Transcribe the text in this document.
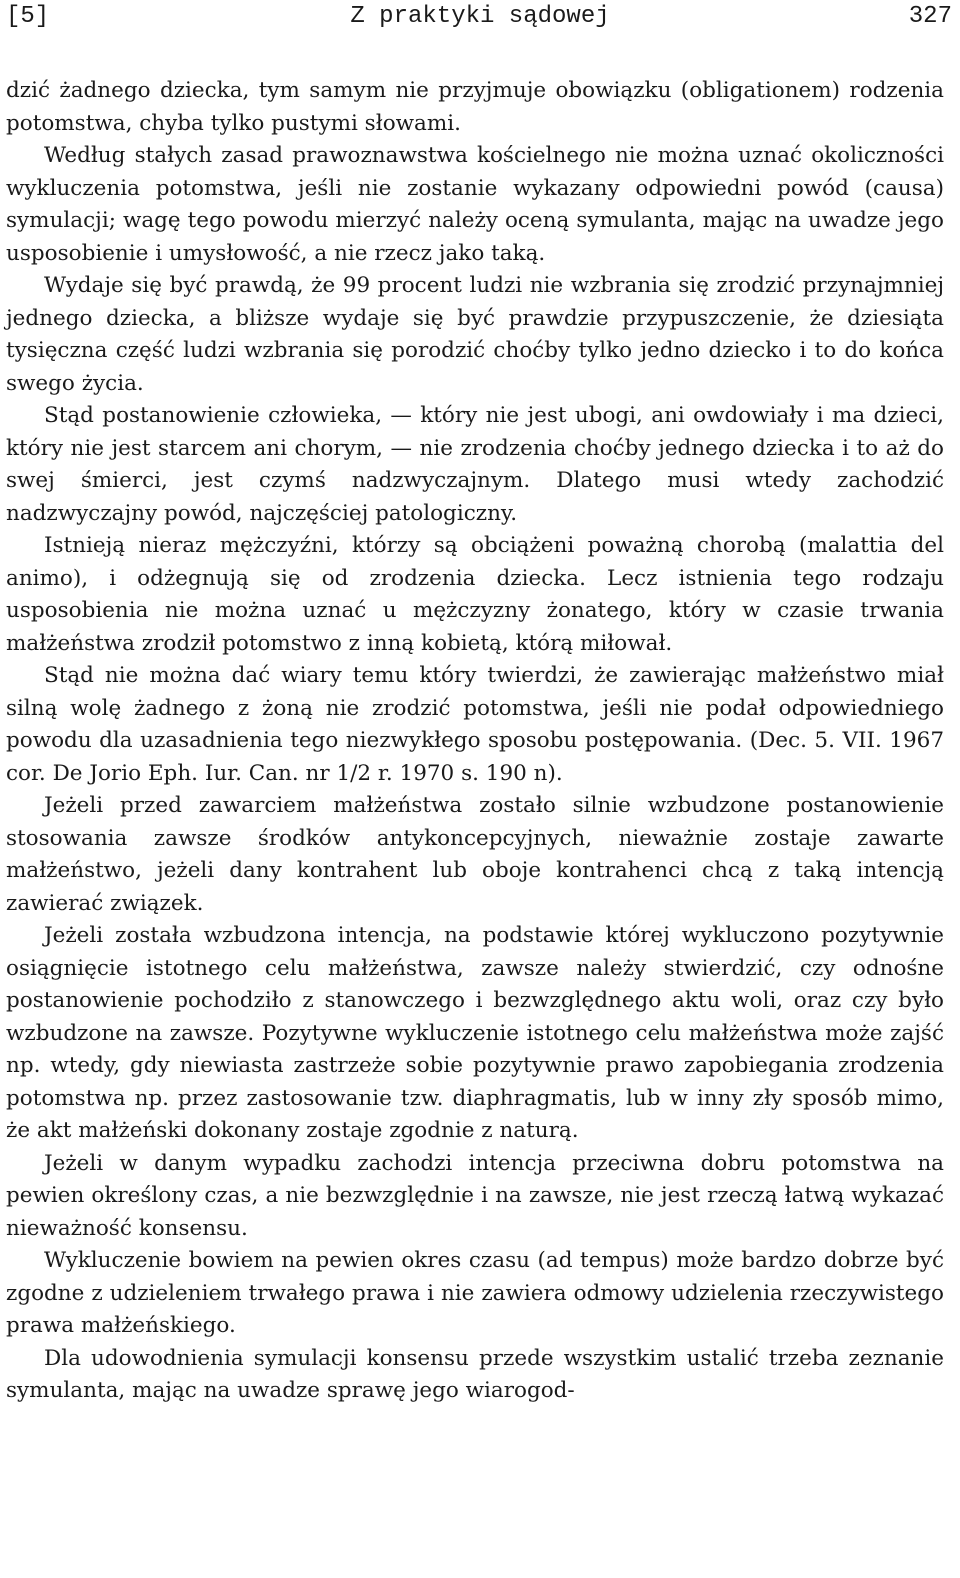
[5]	Z praktyki sądowej	327

dzić żadnego dziecka, tym samym nie przyjmuje obowiązku (obligationem) rodzenia potomstwa, chyba tylko pustymi słowami.

Według stałych zasad prawoznawstwa kościelnego nie można uznać okoliczności wykluczenia potomstwa, jeśli nie zostanie wykazany odpowiedni powód (causa) symulacji; wagę tego powodu mierzyć należy oceną symulanta, mając na uwadze jego usposobienie i umysłowość, a nie rzecz jako taką.

Wydaje się być prawdą, że 99 procent ludzi nie wzbrania się zrodzić przynajmniej jednego dziecka, a bliższe wydaje się być prawdzie przypuszczenie, że dziesiąta tysięczna część ludzi wzbrania się porodzić choćby tylko jedno dziecko i to do końca swego życia.

Stąd postanowienie człowieka, — który nie jest ubogi, ani owdowiały i ma dzieci, który nie jest starcem ani chorym, — nie zrodzenia choćby jednego dziecka i to aż do swej śmierci, jest czymś nadzwyczajnym. Dlatego musi wtedy zachodzić nadzwyczajny powód, najczęściej patologiczny.

Istnieją nieraz mężczyźni, którzy są obciążeni poważną chorobą (malattia del animo), i odżegnują się od zrodzenia dziecka. Lecz istnienia tego rodzaju usposobienia nie można uznać u mężczyzny żonatego, który w czasie trwania małżeństwa zrodził potomstwo z inną kobietą, którą miłował.

Stąd nie można dać wiary temu który twierdzi, że zawierając małżeństwo miał silną wolę żadnego z żoną nie zrodzić potomstwa, jeśli nie podał odpowiedniego powodu dla uzasadnienia tego niezwykłego sposobu postępowania. (Dec. 5. VII. 1967 cor. De Jorio Eph. Iur. Can. nr 1/2 r. 1970 s. 190 n).

Jeżeli przed zawarciem małżeństwa zostało silnie wzbudzone postanowienie stosowania zawsze środków antykoncepcyjnych, nieważnie zostaje zawarte małżeństwo, jeżeli dany kontrahent lub oboje kontrahenci chcą z taką intencją zawierać związek.

Jeżeli została wzbudzona intencja, na podstawie której wykluczono pozytywnie osiągnięcie istotnego celu małżeństwa, zawsze należy stwierdzić, czy odnośne postanowienie pochodziło z stanowczego i bezwzględnego aktu woli, oraz czy było wzbudzone na zawsze. Pozytywne wykluczenie istotnego celu małżeństwa może zajść np. wtedy, gdy niewiasta zastrzeże sobie pozytywnie prawo zapobiegania zrodzenia potomstwa np. przez zastosowanie tzw. diaphragmatis, lub w inny zły sposób mimo, że akt małżeński dokonany zostaje zgodnie z naturą.

Jeżeli w danym wypadku zachodzi intencja przeciwna dobru potomstwa na pewien określony czas, a nie bezwzględnie i na zawsze, nie jest rzeczą łatwą wykazać nieważność konsensu.

Wykluczenie bowiem na pewien okres czasu (ad tempus) może bardzo dobrze być zgodne z udzieleniem trwałego prawa i nie zawiera odmowy udzielenia rzeczywistego prawa małżeńskiego.

Dla udowodnienia symulacji konsensu przede wszystkim ustalić trzeba zeznanie symulanta, mając na uwadze sprawę jego wiarogod-
